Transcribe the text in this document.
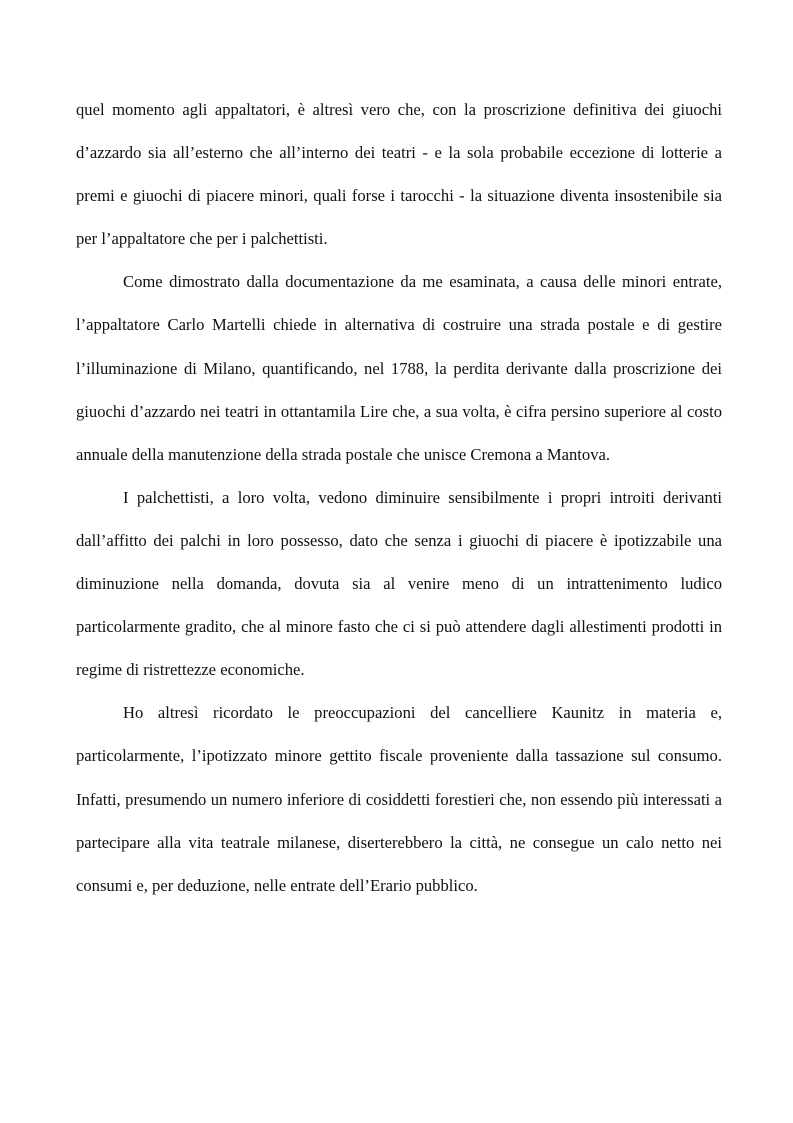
quel momento agli appaltatori, è altresì vero che, con la proscrizione definitiva dei giuochi d’azzardo sia all’esterno che all’interno dei teatri - e la sola probabile eccezione di lotterie a premi e giuochi di piacere minori, quali forse i tarocchi - la situazione diventa insostenibile sia per l’appaltatore che per i palchettisti.

Come dimostrato dalla documentazione da me esaminata, a causa delle minori entrate, l’appaltatore Carlo Martelli chiede in alternativa di costruire una strada postale e di gestire l’illuminazione di Milano, quantificando, nel 1788, la perdita derivante dalla proscrizione dei giuochi d’azzardo nei teatri in ottantamila Lire che, a sua volta, è cifra persino superiore al costo annuale della manutenzione della strada postale che unisce Cremona a Mantova.

I palchettisti, a loro volta, vedono diminuire sensibilmente i propri introiti derivanti dall’affitto dei palchi in loro possesso, dato che senza i giuochi di piacere è ipotizzabile una diminuzione nella domanda, dovuta sia al venire meno di un intrattenimento ludico particolarmente gradito, che al minore fasto che ci si può attendere dagli allestimenti prodotti in regime di ristrettezze economiche.

Ho altresì ricordato le preoccupazioni del cancelliere Kaunitz in materia e, particolarmente, l’ipotizzato minore gettito fiscale proveniente dalla tassazione sul consumo. Infatti, presumendo un numero inferiore di cosiddetti forestieri che, non essendo più interessati a partecipare alla vita teatrale milanese, diserterebbero la città, ne consegue un calo netto nei consumi e, per deduzione, nelle entrate dell’Erario pubblico.
